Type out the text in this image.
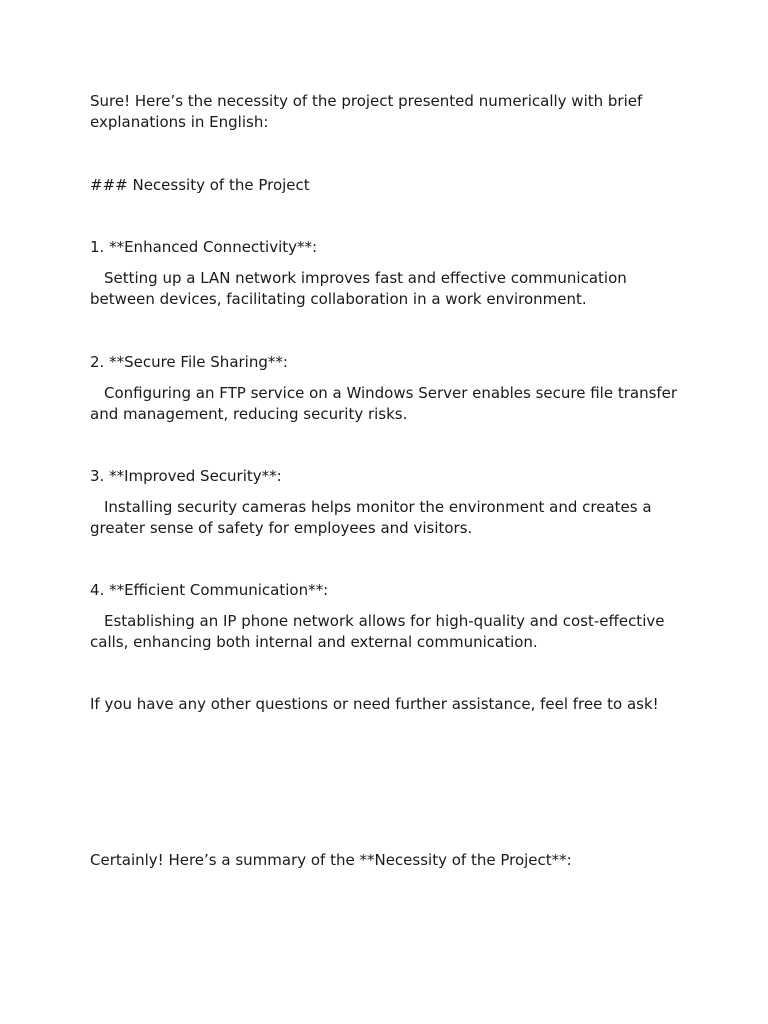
Sure! Here’s the necessity of the project presented numerically with brief explanations in English:

### Necessity of the Project

1. **Enhanced Connectivity**:

Setting up a LAN network improves fast and effective communication between devices, facilitating collaboration in a work environment.

2. **Secure File Sharing**:

Configuring an FTP service on a Windows Server enables secure file transfer and management, reducing security risks.

3. **Improved Security**:

Installing security cameras helps monitor the environment and creates a greater sense of safety for employees and visitors.

4. **Efficient Communication**:

Establishing an IP phone network allows for high-quality and cost-effective calls, enhancing both internal and external communication.

If you have any other questions or need further assistance, feel free to ask!

Certainly! Here’s a summary of the **Necessity of the Project**:
